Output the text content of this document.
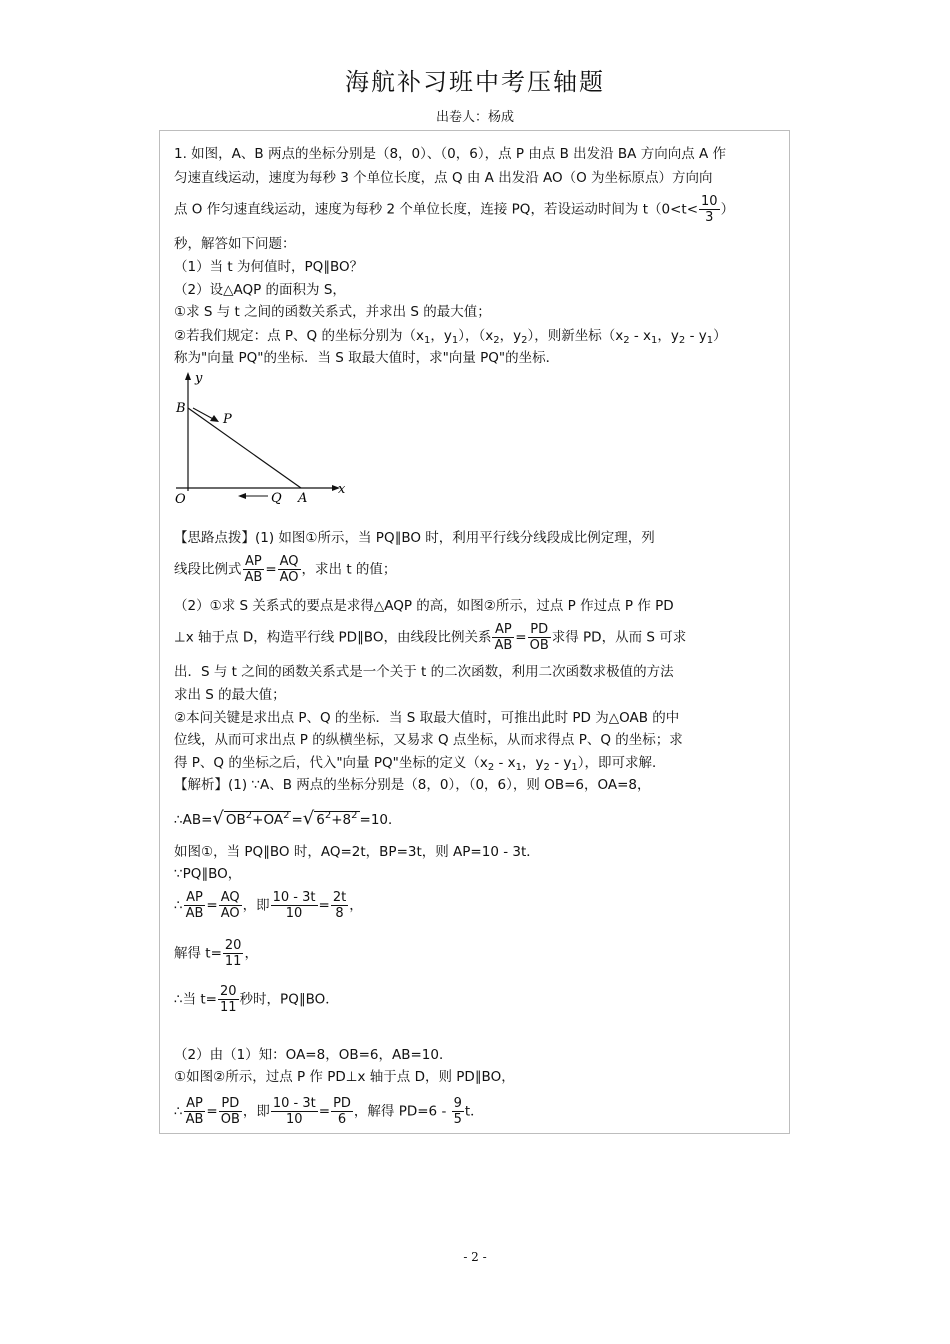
海航补习班中考压轴题
出卷人：杨成
1. 如图，A、B 两点的坐标分别是（8，0）、（0，6），点 P 由点 B 出发沿 BA 方向向点 A 作
匀速直线运动，速度为每秒 3 个单位长度，点 Q 由 A 出发沿 AO（O 为坐标原点）方向向
点 O 作匀速直线运动，速度为每秒 2 个单位长度，连接 PQ，若设运动时间为 $t(0<t< \frac{10}{3}$ ）
秒，解答如下问题：
（1）当 t 为何值时，PQ∥BO？
（2）设△AQP 的面积为 S，
①求 S 与 t 之间的函数关系式，并求出 S 的最大值；
②若我们规定：点 P、Q 的坐标分别为（$x_1$，$y_1$），（$x_2$，$y_2$），则新坐标（$x_2 - x_1$，$y_2 - y_1$）
称为"向量 PQ"的坐标．当 S 取最大值时，求"向量 PQ"的坐标．
y
B
P
O	Q A
x
【思路点拨】(1) 如图①所示，当 PQ∥BO 时，利用平行线分线段成比例定理，列
线段比例式 $\frac{AP}{AB} = \frac{AQ}{AO}$ ，求出 t 的值；
（2）①求 S 关系式的要点是求得△AQP 的高，如图②所示，过点 P 作过点 P 作 PD
⊥x 轴于点 D，构造平行线 PD∥BO，由线段比例关系 $\frac{AP}{AB} = \frac{PD}{OB}$ 求得 PD，从而 S 可求
出．S 与 t 之间的函数关系式是一个关于 t 的二次函数，利用二次函数求极值的方法
求出 S 的最大值；
②本问关键是求出点 P、Q 的坐标．当 S 取最大值时，可推出此时 PD 为△OAB 的中
位线，从而可求出点 P 的纵横坐标，又易求 Q 点坐标，从而求得点 P、Q 的坐标；求
得 P、Q 的坐标之后，代入"向量 PQ"坐标的定义（$x_2 - x_1$，$y_2 - y_1$），即可求解．
【解析】(1) ∵A、B 两点的坐标分别是（8，0），（0，6），则 OB=6，OA=8，
∴AB=√ $OB^2+OA^2$ =√ $6^2+8^2 =10$．
如图①，当 PQ∥BO 时，AQ=2t，BP=3t，则 AP=10 - 3t．
∵PQ∥BO，
∴ $\frac{AP}{AB} = \frac{AQ}{AO}$ ，即 $\frac{10 - 3t}{10} = \frac{2t}{8}$ ，
解得 $t= \frac{20}{11}$ ，
∴当 $t= \frac{20}{11}$ 秒时，PQ∥BO．
（2）由（1）知：OA=8，OB=6，AB=10．
①如图②所示，过点 P 作 PD⊥x 轴于点 D，则 PD∥BO，
∴ $\frac{AP}{AB} = \frac{PD}{OB}$ ，即 $\frac{10 - 3t}{10} = \frac{PD}{6}$ ，解得 $PD=6 - \frac{9}{5}$ t．
- 2 -
